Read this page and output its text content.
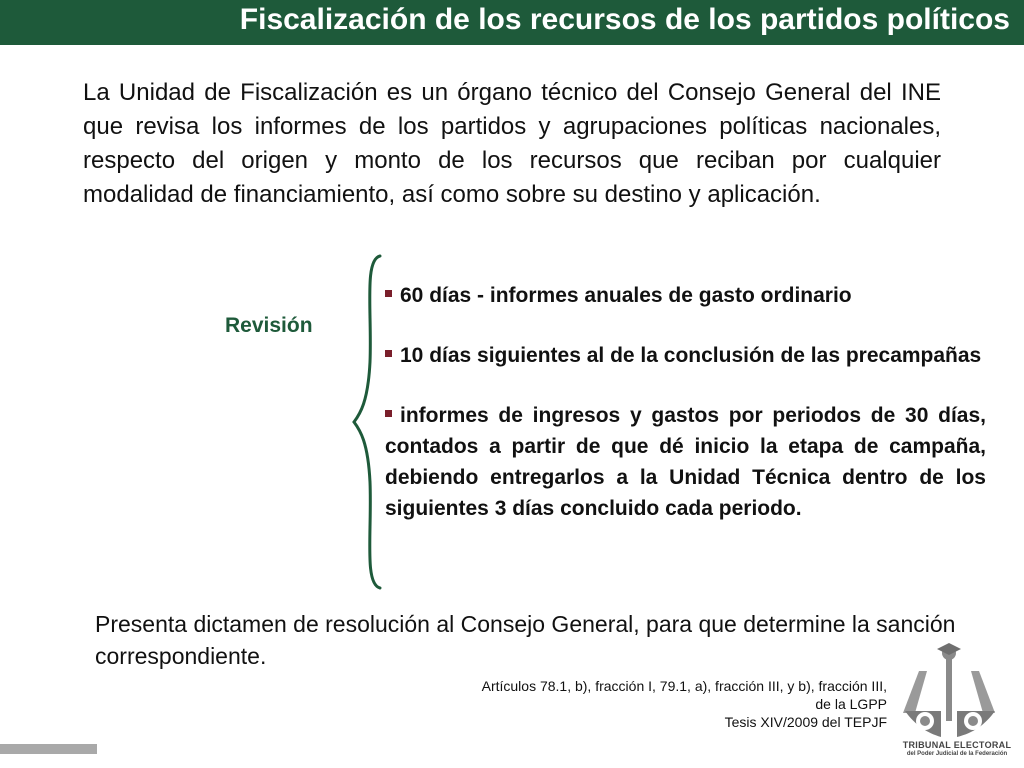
Fiscalización de los recursos de los partidos políticos
La Unidad de Fiscalización es un órgano técnico del Consejo General del INE que revisa los informes de los partidos y agrupaciones políticas nacionales, respecto del origen y monto de los recursos que reciban por cualquier modalidad de financiamiento, así como sobre su destino y aplicación.
Revisión
60 días - informes anuales de gasto ordinario
10 días siguientes al de la conclusión de las precampañas
informes de ingresos y gastos por periodos de 30 días, contados a partir de que dé inicio la etapa de campaña, debiendo entregarlos a la Unidad Técnica dentro de los siguientes 3 días concluido cada periodo.
Presenta dictamen de resolución al Consejo General, para que determine la sanción correspondiente.
Artículos 78.1, b), fracción I, 79.1, a), fracción III, y b), fracción III,
de la LGPP
Tesis XIV/2009 del TEPJF
TRIBUNAL ELECTORAL
del Poder Judicial de la Federación
